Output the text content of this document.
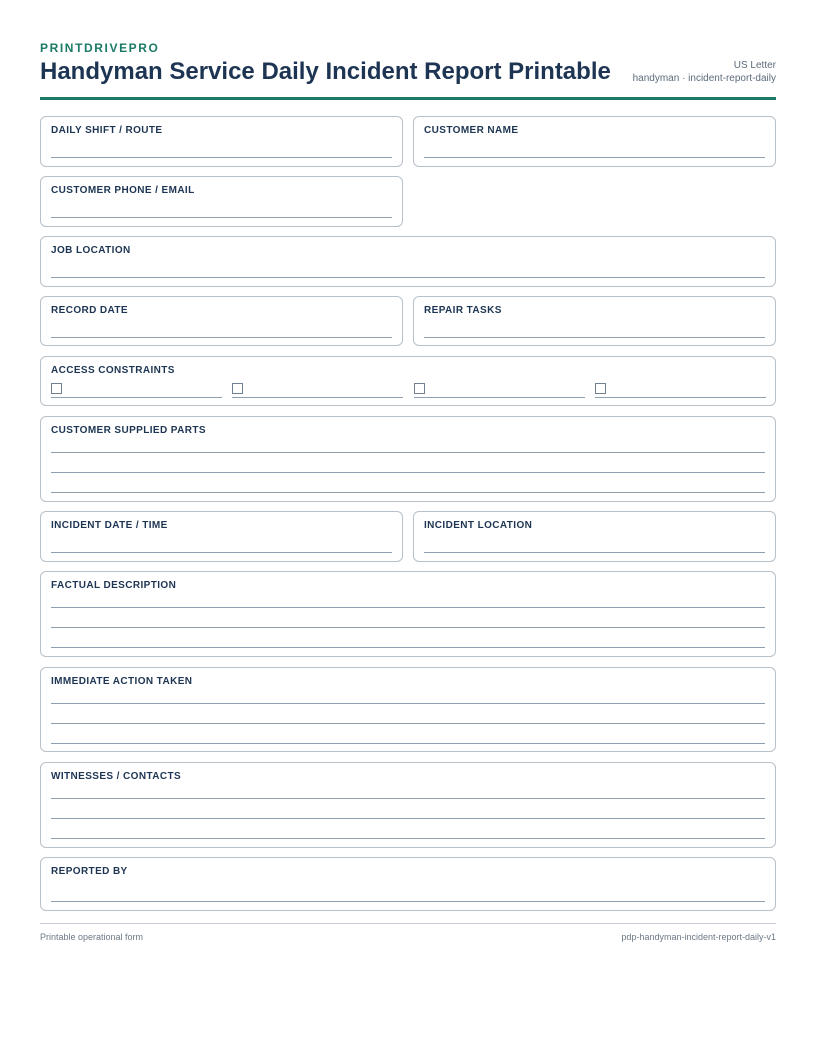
PRINTDRIVEPRO
Handyman Service Daily Incident Report Printable	US Letter
handyman · incident-report-daily
DAILY SHIFT / ROUTE	CUSTOMER NAME
CUSTOMER PHONE / EMAIL
JOB LOCATION
RECORD DATE	REPAIR TASKS
ACCESS CONSTRAINTS
CUSTOMER SUPPLIED PARTS
INCIDENT DATE / TIME	INCIDENT LOCATION
FACTUAL DESCRIPTION
IMMEDIATE ACTION TAKEN
WITNESSES / CONTACTS
REPORTED BY
Printable operational form	pdp-handyman-incident-report-daily-v1
